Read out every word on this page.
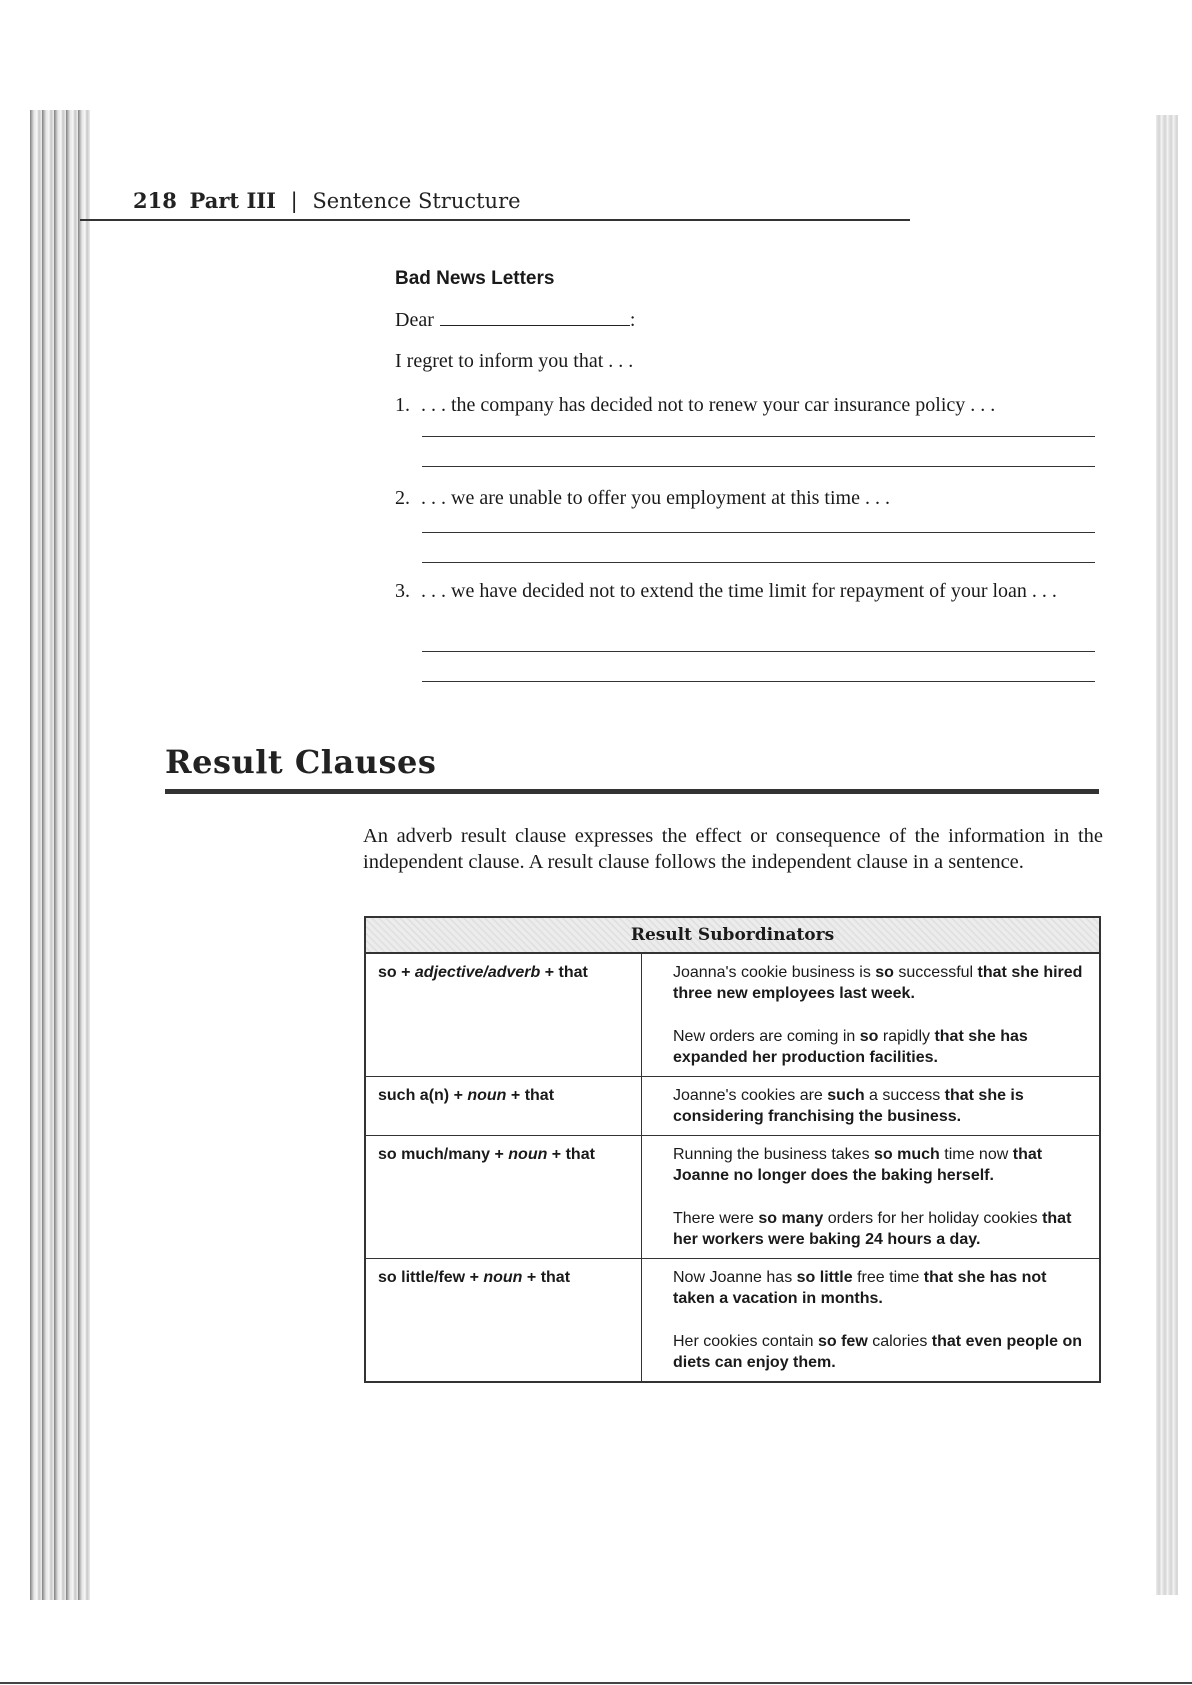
218 Part III | Sentence Structure
Bad News Letters
Dear	:
I regret to inform you that . . .
1. . . . the company has decided not to renew your car insurance policy . . .
2. . . . we are unable to offer you employment at this time . . .
3. . . . we have decided not to extend the time limit for repayment of your loan . . .
Result Clauses
An adverb result clause expresses the effect or consequence of the information in the independent clause. A result clause follows the independent clause in a sentence.
Result Subordinators	
so + adjective/adverb + that	Joanna's cookie business is so successful that she hired three new employees last week.

New orders are coming in so rapidly that she has expanded her production facilities.

such a(n) + noun + that	Joanne's cookies are such a success that she is considering franchising the business.

so much/many + noun + that	Running the business takes so much time now that Joanne no longer does the baking herself.

There were so many orders for her holiday cookies that her workers were baking 24 hours a day.

so little/few + noun + that	Now Joanne has so little free time that she has not taken a vacation in months.

Her cookies contain so few calories that even people on diets can enjoy them.
